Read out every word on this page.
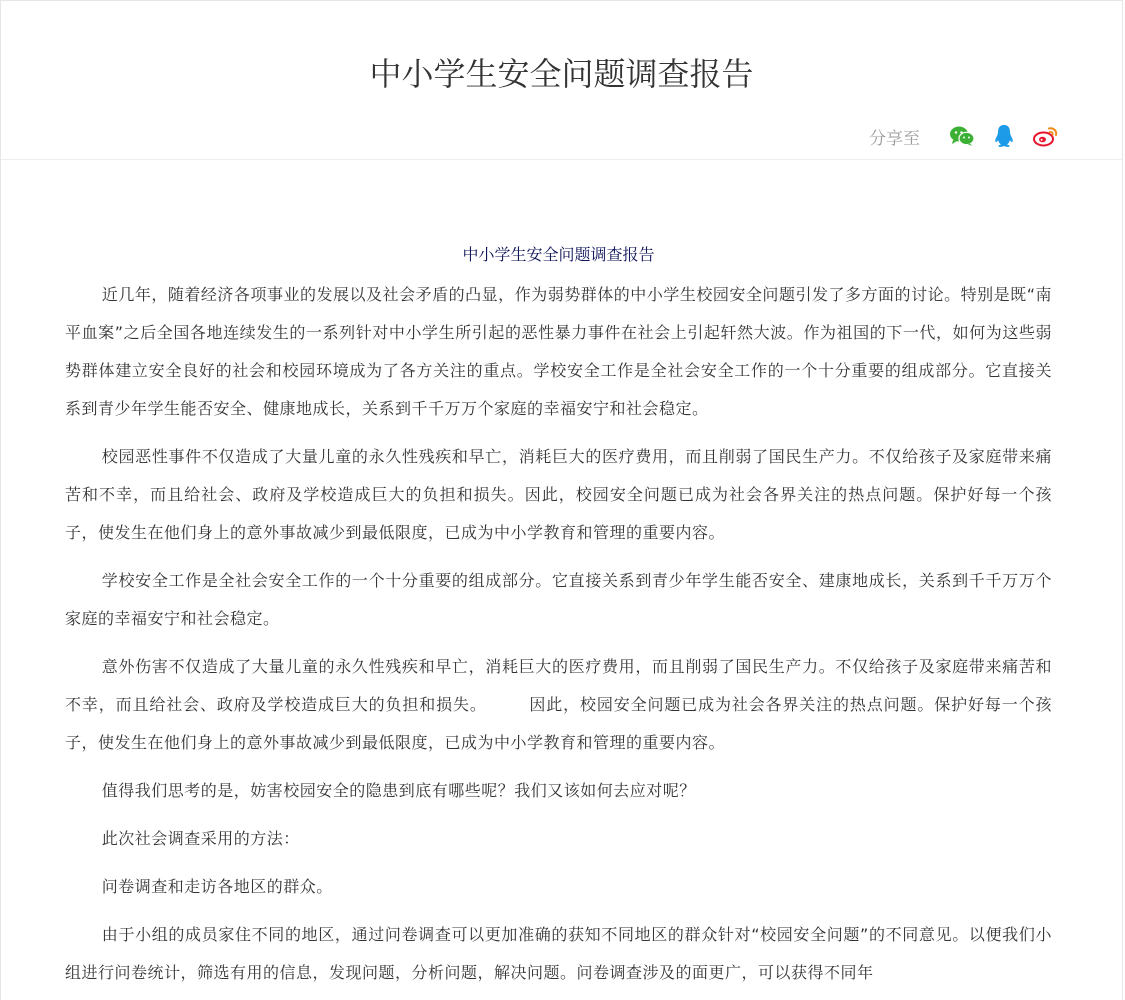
中小学生安全问题调查报告
分享至

中小学生安全问题调查报告

近几年，随着经济各项事业的发展以及社会矛盾的凸显，作为弱势群体的中小学生校园安全问题引发了多方面的讨论。特别是既“南平血案”之后全国各地连续发生的一系列针对中小学生所引起的恶性暴力事件在社会上引起轩然大波。作为祖国的下一代，如何为这些弱势群体建立安全良好的社会和校园环境成为了各方关注的重点。学校安全工作是全社会安全工作的一个十分重要的组成部分。它直接关系到青少年学生能否安全、健康地成长，关系到千千万万个家庭的幸福安宁和社会稳定。

校园恶性事件不仅造成了大量儿童的永久性残疾和早亡，消耗巨大的医疗费用，而且削弱了国民生产力。不仅给孩子及家庭带来痛苦和不幸，而且给社会、政府及学校造成巨大的负担和损失。因此，校园安全问题已成为社会各界关注的热点问题。保护好每一个孩子，使发生在他们身上的意外事故减少到最低限度，已成为中小学教育和管理的重要内容。

学校安全工作是全社会安全工作的一个十分重要的组成部分。它直接关系到青少年学生能否安全、建康地成长，关系到千千万万个家庭的幸福安宁和社会稳定。

意外伤害不仅造成了大量儿童的永久性残疾和早亡，消耗巨大的医疗费用，而且削弱了国民生产力。不仅给孩子及家庭带来痛苦和不幸，而且给社会、政府及学校造成巨大的负担和损失。　　　因此，校园安全问题已成为社会各界关注的热点问题。保护好每一个孩子，使发生在他们身上的意外事故减少到最低限度，已成为中小学教育和管理的重要内容。

值得我们思考的是，妨害校园安全的隐患到底有哪些呢？我们又该如何去应对呢？

此次社会调查采用的方法：

问卷调查和走访各地区的群众。

由于小组的成员家住不同的地区，通过问卷调查可以更加准确的获知不同地区的群众针对“校园安全问题”的不同意见。以便我们小组进行问卷统计，筛选有用的信息，发现问题，分析问题，解决问题。问卷调查涉及的面更广，可以获得不同年
